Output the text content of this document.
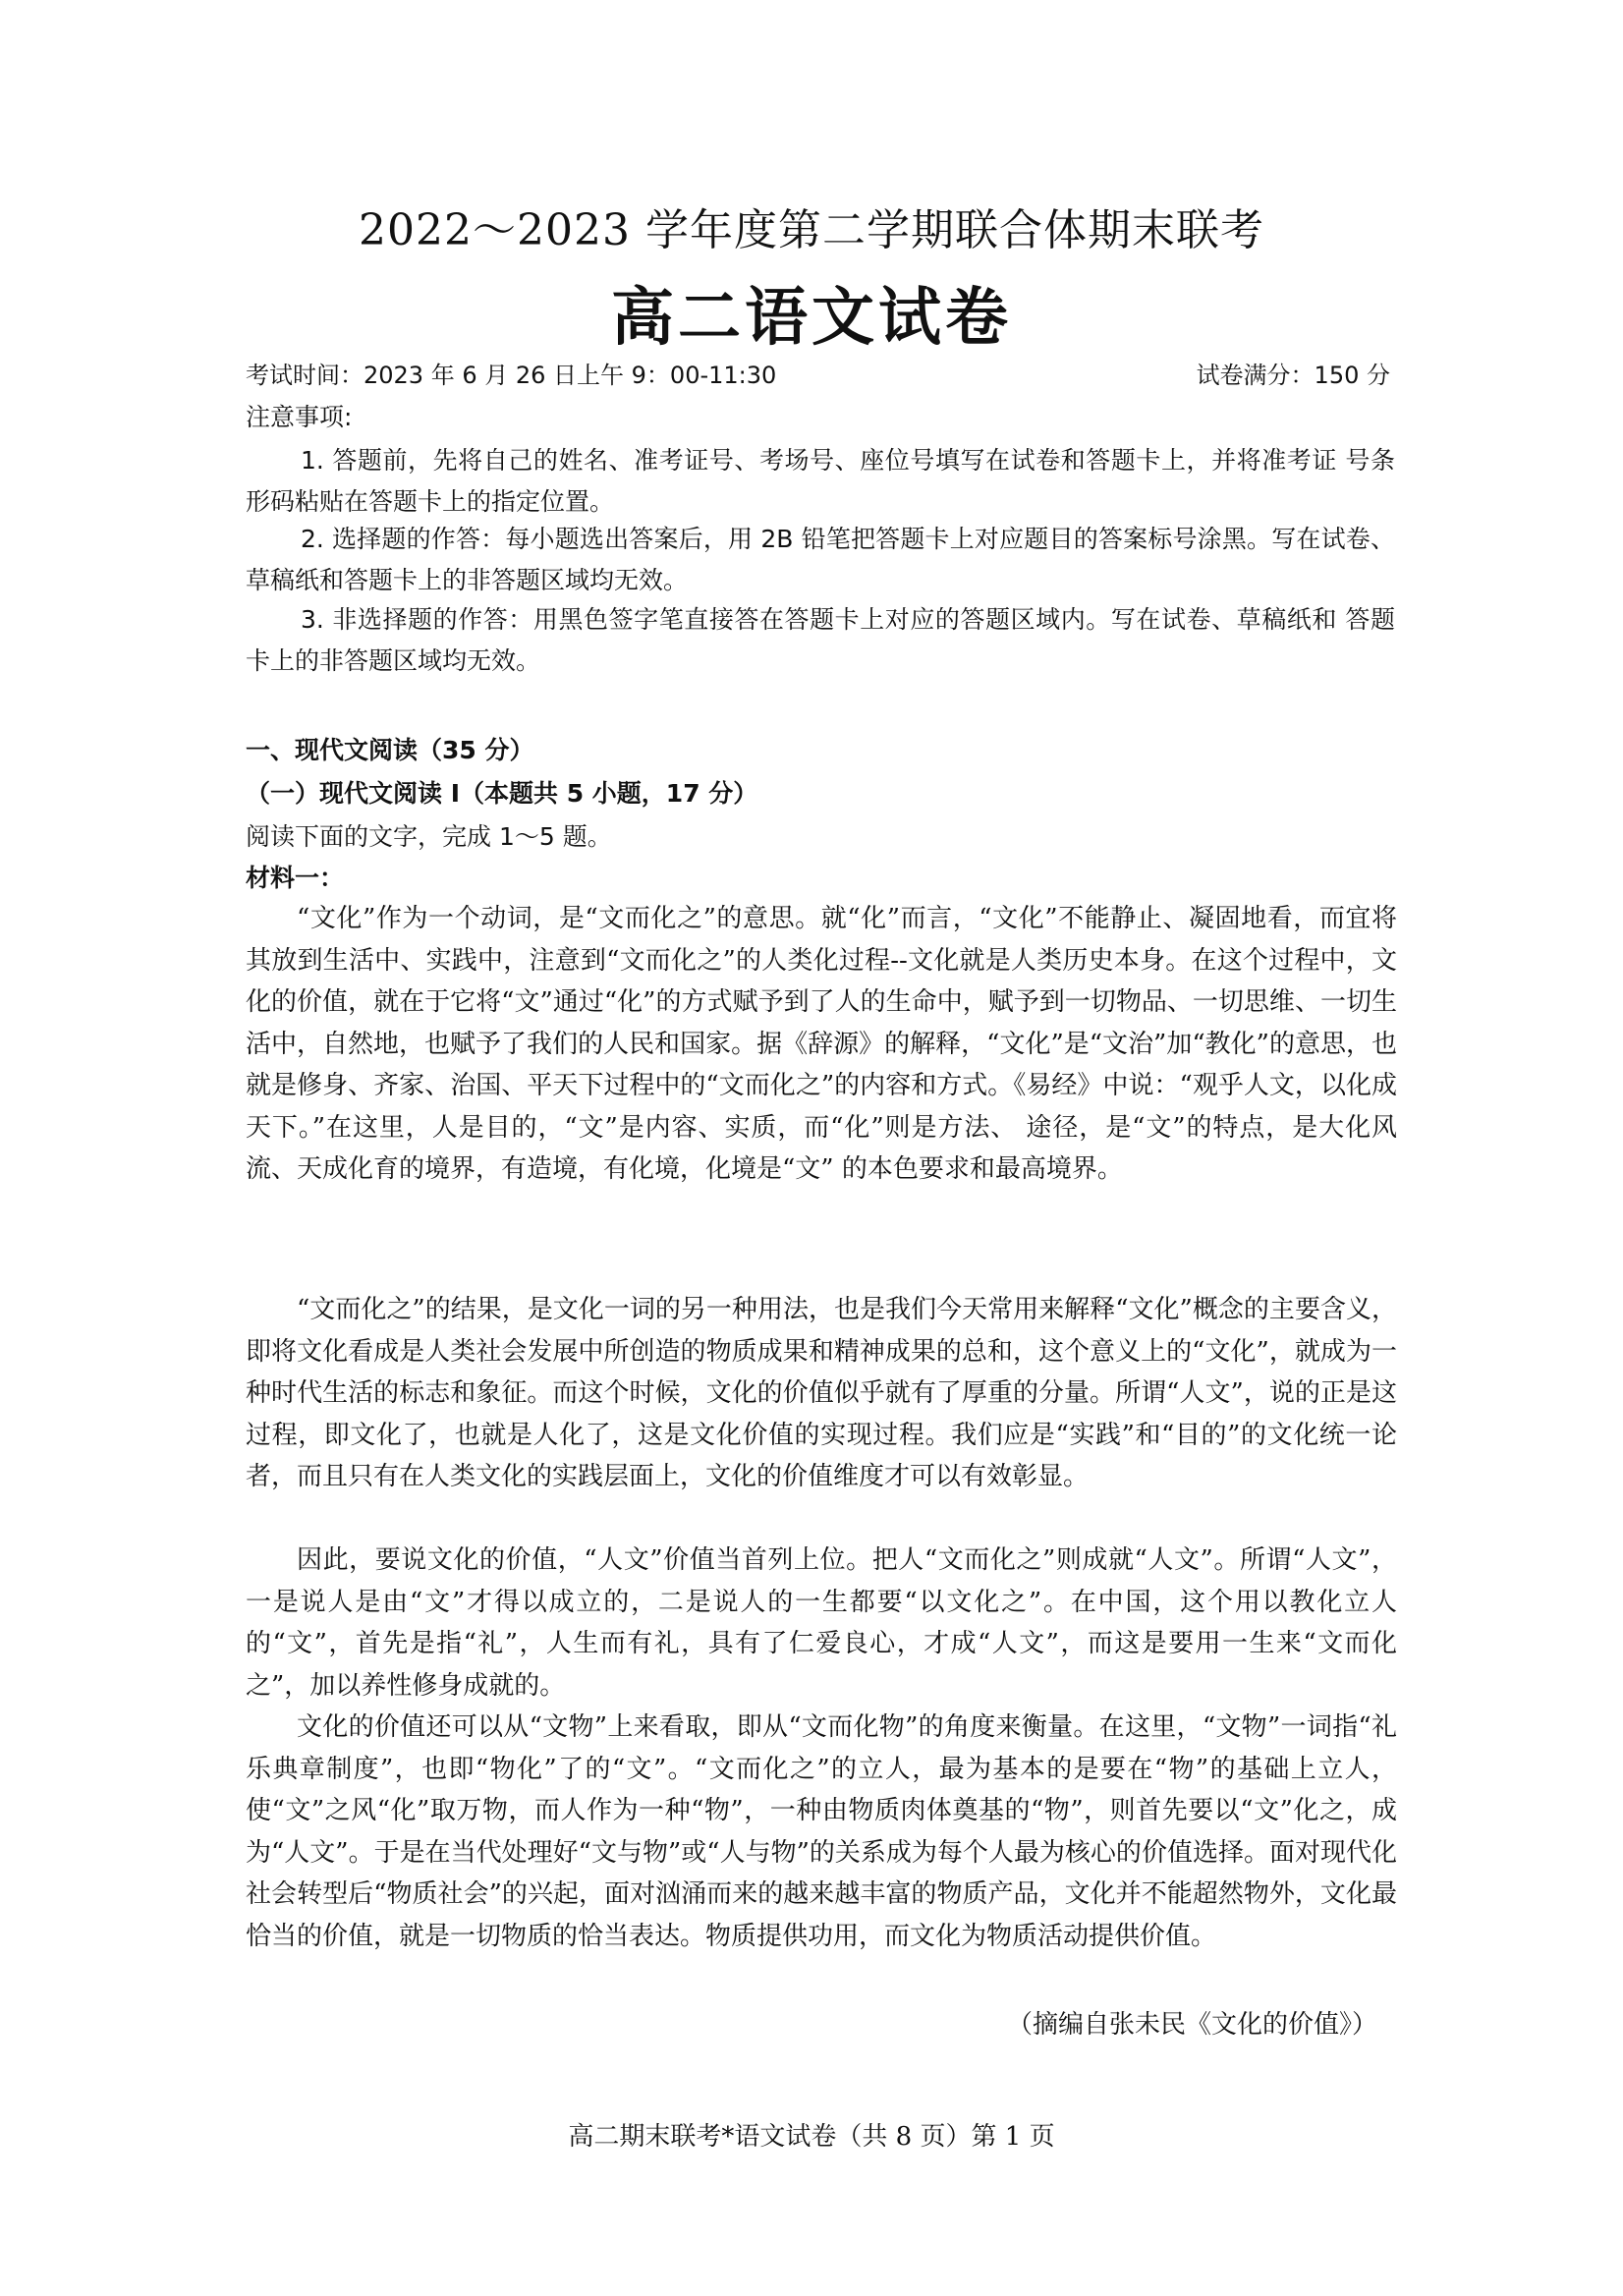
2022～2023 学年度第二学期联合体期末联考
高二语文试卷
考试时间：2023 年 6 月 26 日上午 9：00-11:30	试卷满分：150 分
注意事项:
1. 答题前，先将自己的姓名、准考证号、考场号、座位号填写在试卷和答题卡上，并将准考证 号条形码粘贴在答题卡上的指定位置。
2. 选择题的作答：每小题选出答案后，用 2B 铅笔把答题卡上对应题目的答案标号涂黑。写在试卷、草稿纸和答题卡上的非答题区域均无效。
3. 非选择题的作答：用黑色签字笔直接答在答题卡上对应的答题区域内。写在试卷、草稿纸和 答题卡上的非答题区域均无效。
一、现代文阅读（35 分）
（一）现代文阅读 I（本题共 5 小题，17 分）
阅读下面的文字，完成 1～5 题。
材料一：
“文化”作为一个动词，是“文而化之”的意思。就“化”而言，“文化”不能静止、凝固地看，而宜将其放到生活中、实践中，注意到“文而化之”的人类化过程--文化就是人类历史本身。在这个过程中，文化的价值，就在于它将“文”通过“化”的方式赋予到了人的生命中，赋予到一切物品、一切思维、一切生活中，自然地，也赋予了我们的人民和国家。据《辞源》的解释，“文化”是“文治”加“教化”的意思，也就是修身、齐家、治国、平天下过程中的“文而化之”的内容和方式。《易经》中说：“观乎人文，以化成天下。”在这里，人是目的，“文”是内容、实质，而“化”则是方法、 途径，是“文”的特点，是大化风流、天成化育的境界，有造境，有化境，化境是“文” 的本色要求和最高境界。
“文而化之”的结果，是文化一词的另一种用法，也是我们今天常用来解释“文化”概念的主要含义，即将文化看成是人类社会发展中所创造的物质成果和精神成果的总和，这个意义上的“文化”，就成为一种时代生活的标志和象征。而这个时候，文化的价值似乎就有了厚重的分量。所谓“人文”，说的正是这过程，即文化了，也就是人化了，这是文化价值的实现过程。我们应是“实践”和“目的”的文化统一论者，而且只有在人类文化的实践层面上，文化的价值维度才可以有效彰显。
因此，要说文化的价值，“人文”价值当首列上位。把人“文而化之”则成就“人文”。所谓“人文”，一是说人是由“文”才得以成立的，二是说人的一生都要“以文化之”。在中国，这个用以教化立人的“文”，首先是指“礼”，人生而有礼，具有了仁爱良心，才成“人文”，而这是要用一生来“文而化之”，加以养性修身成就的。
文化的价值还可以从“文物”上来看取，即从“文而化物”的角度来衡量。在这里，“文物”一词指“礼乐典章制度”，也即“物化”了的“文”。“文而化之”的立人，最为基本的是要在“物”的基础上立人，使“文”之风“化”取万物，而人作为一种“物”，一种由物质肉体奠基的“物”，则首先要以“文”化之，成为“人文”。于是在当代处理好“文与物”或“人与物”的关系成为每个人最为核心的价值选择。面对现代化社会转型后“物质社会”的兴起，面对汹涌而来的越来越丰富的物质产品，文化并不能超然物外，文化最恰当的价值，就是一切物质的恰当表达。物质提供功用，而文化为物质活动提供价值。
（摘编自张未民《文化的价值》）
高二期末联考*语文试卷（共 8 页）第 1 页
